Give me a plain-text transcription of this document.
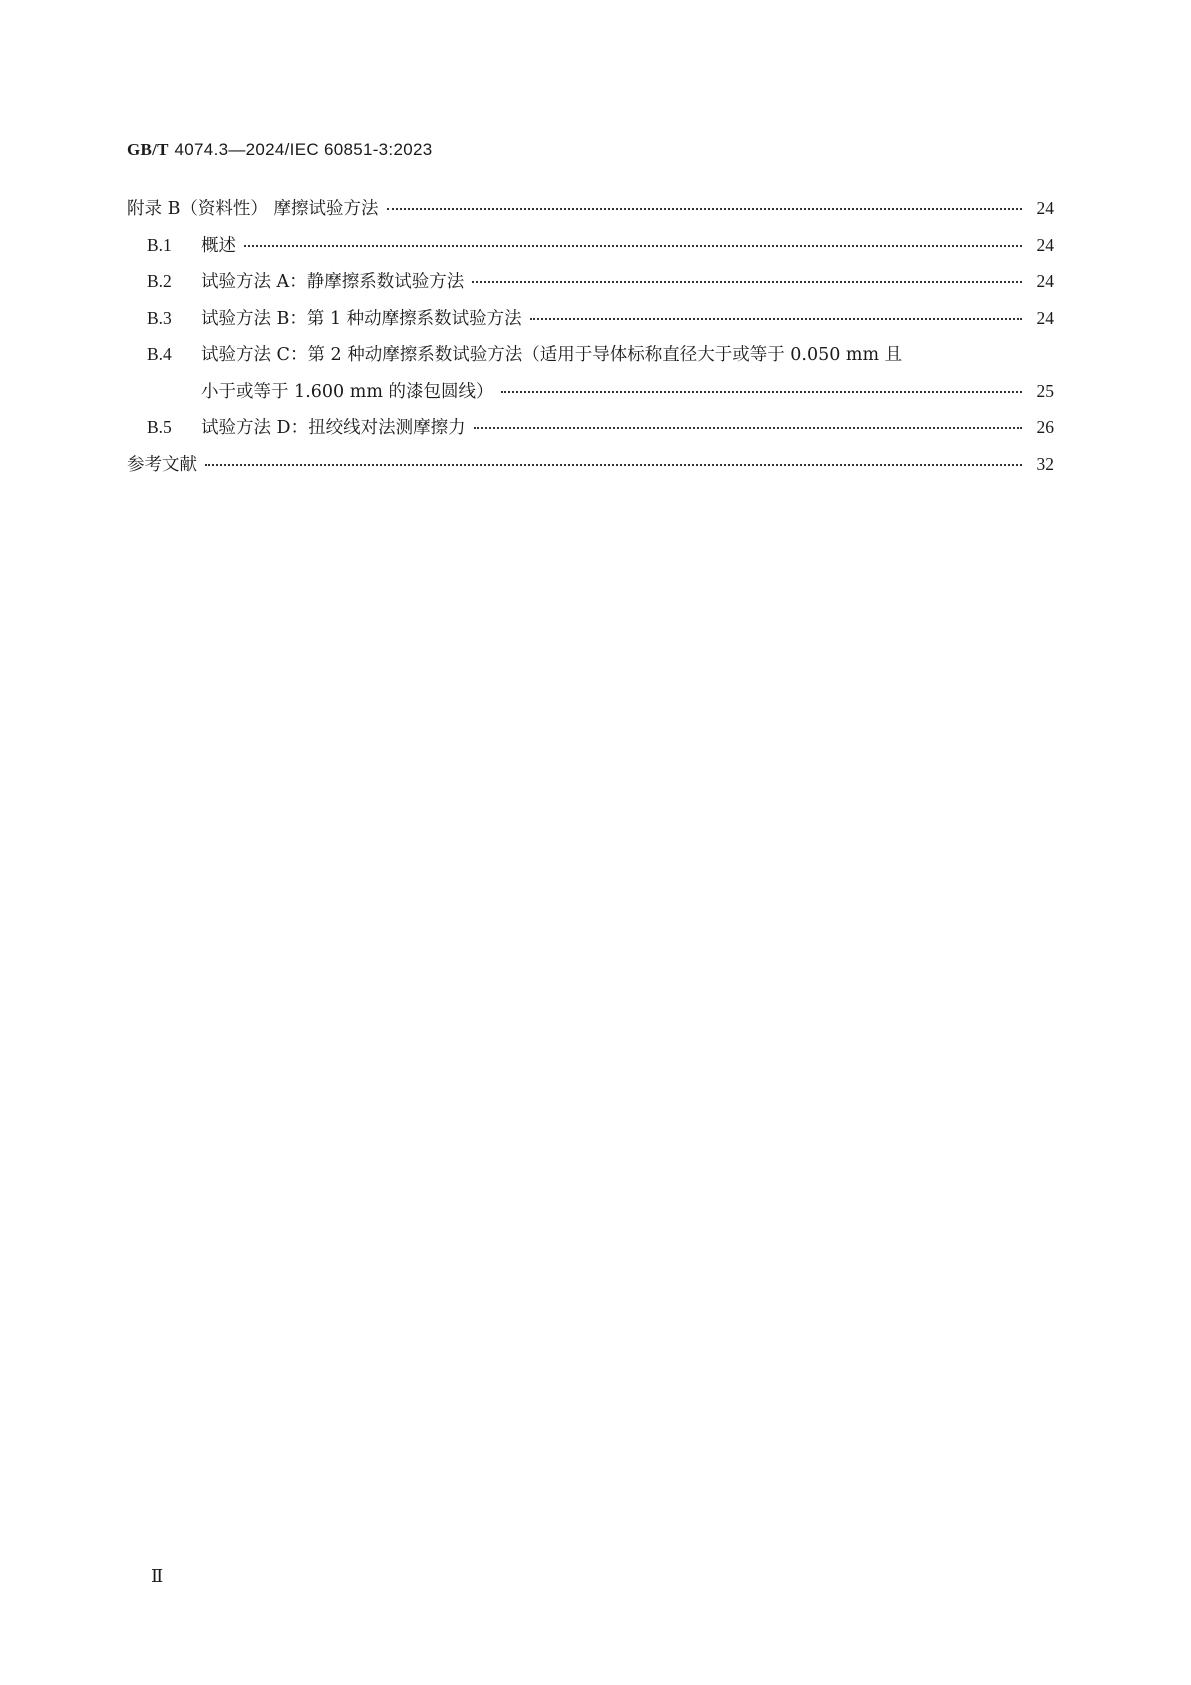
GB/T 4074.3—2024/IEC 60851-3:2023
附录 B（资料性） 摩擦试验方法	24
B.1	概述	24
B.2	试验方法 A：静摩擦系数试验方法	24
B.3	试验方法 B：第 1 种动摩擦系数试验方法	24
B.4	试验方法 C：第 2 种动摩擦系数试验方法（适用于导体标称直径大于或等于 0.050 mm 且
小于或等于 1.600 mm 的漆包圆线）	25
B.5	试验方法 D：扭绞线对法测摩擦力	26
参考文献	32
Ⅱ
